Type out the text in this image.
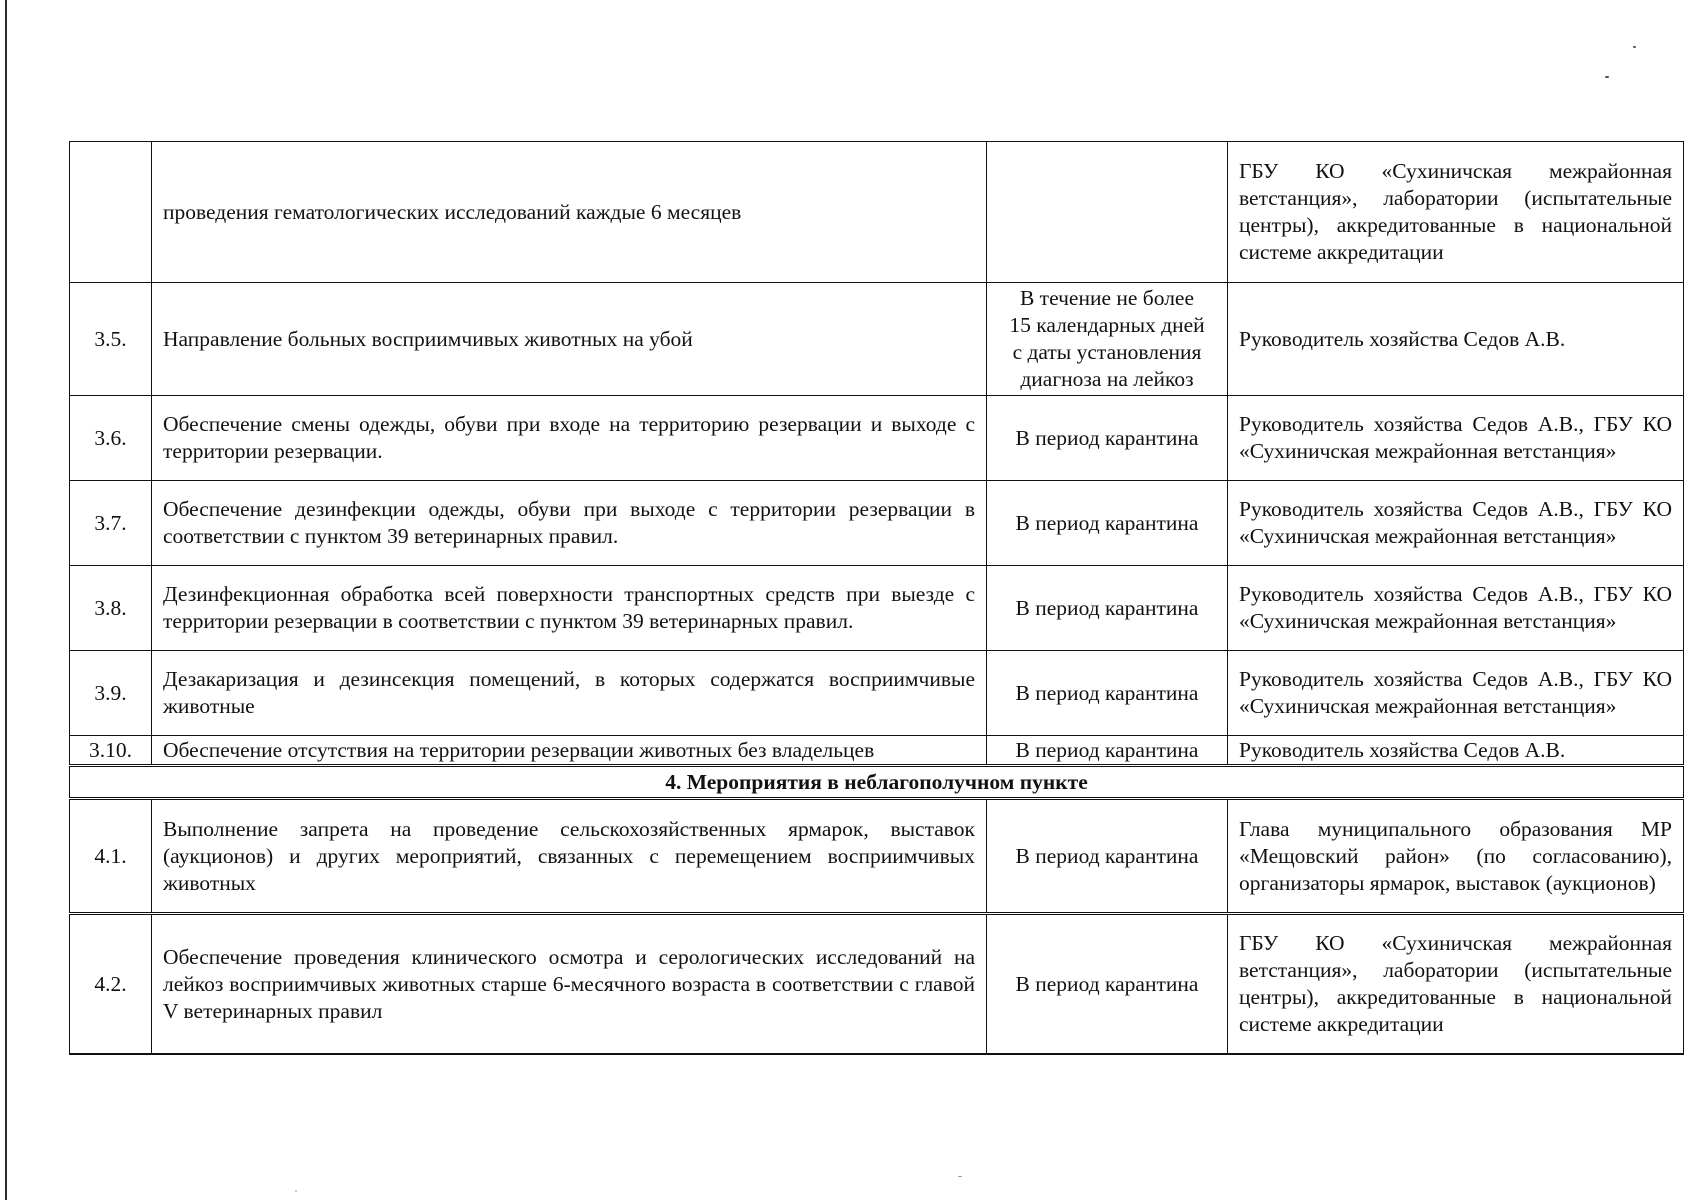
	проведения гематологических исследований каждые 6 месяцев		ГБУ КО «Сухиничская межрайонная ветстанция», лаборатории (испытательные центры), аккредитованные в национальной системе аккредитации
3.5.	Направление больных восприимчивых животных на убой	В течение не более
15 календарных дней
с даты установления
диагноза на лейкоз	Руководитель хозяйства Седов А.В.
3.6.	Обеспечение смены одежды, обуви при входе на территорию резервации и выходе с территории резервации.	В период карантина	Руководитель хозяйства Седов А.В., ГБУ КО «Сухиничская межрайонная ветстанция»
3.7.	Обеспечение дезинфекции одежды, обуви при выходе с территории резервации в соответствии с пунктом 39 ветеринарных правил.	В период карантина	Руководитель хозяйства Седов А.В., ГБУ КО «Сухиничская межрайонная ветстанция»
3.8.	Дезинфекционная обработка всей поверхности транспортных средств при выезде с территории резервации в соответствии с пунктом 39 ветеринарных правил.	В период карантина	Руководитель хозяйства Седов А.В., ГБУ КО «Сухиничская межрайонная ветстанция»
3.9.	Дезакаризация и дезинсекция помещений, в которых содержатся восприимчивые животные	В период карантина	Руководитель хозяйства Седов А.В., ГБУ КО «Сухиничская межрайонная ветстанция»
3.10.	Обеспечение отсутствия на территории резервации животных без владельцев	В период карантина	Руководитель хозяйства Седов А.В.
4. Мероприятия в неблагополучном пункте			
4.1.	Выполнение запрета на проведение сельскохозяйственных ярмарок, выставок (аукционов) и других мероприятий, связанных с перемещением восприимчивых животных	В период карантина	Глава муниципального образования МР «Мещовский район» (по согласованию), организаторы ярмарок, выставок (аукционов)
4.2.	Обеспечение проведения клинического осмотра и серологических исследований на лейкоз восприимчивых животных старше 6-месячного возраста в соответствии с главой V ветеринарных правил	В период карантина	ГБУ КО «Сухиничская межрайонная ветстанция», лаборатории (испытательные центры), аккредитованные в национальной системе аккредитации
